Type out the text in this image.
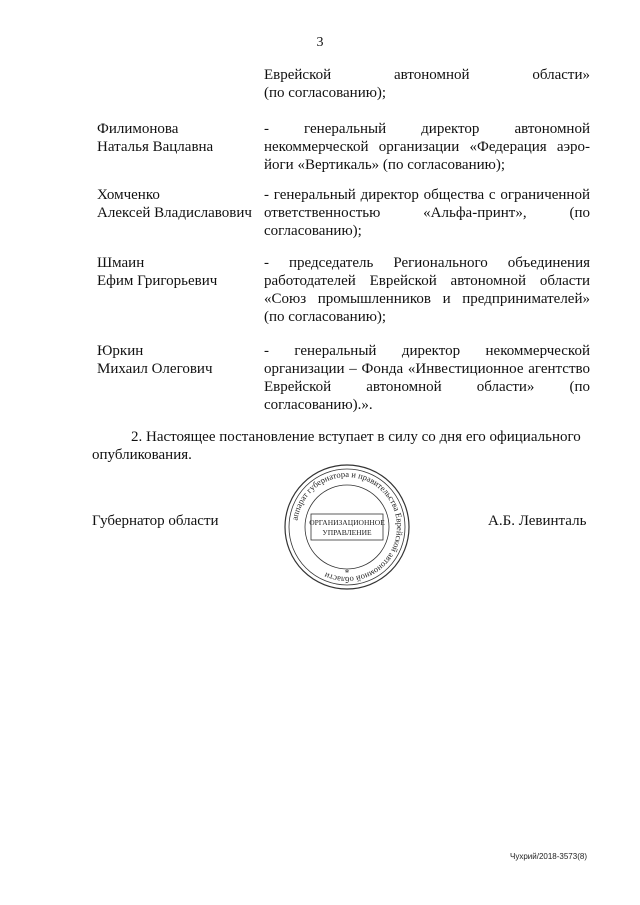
3
Еврейской автономной области»
(по согласованию);
Филимонова
Наталья Вацлавна
- генеральный директор автономной
некоммерческой организации «Федерация аэро-
йоги «Вертикаль» (по согласованию);
Хомченко
Алексей Владиславович
- генеральный директор общества с ограниченной
ответственностью «Альфа-принт», (по
согласованию);
Шмаин
Ефим Григорьевич
- председатель Регионального объединения
работодателей Еврейской автономной области
«Союз промышленников и предпринимателей»
(по согласованию);
Юркин
Михаил Олегович
- генеральный директор некоммерческой
организации – Фонда «Инвестиционное агентство
Еврейской автономной области» (по
согласованию).».
2. Настоящее постановление вступает в силу со дня его официального
опубликования.
Губернатор области	аппарат губернатора и правительства Еврейской автономной области
ОРГАНИЗАЦИОННОЕ
УПРАВЛЕНИЕ
*
А.Б. Левинталь
Чухрий/2018-3573(8)
